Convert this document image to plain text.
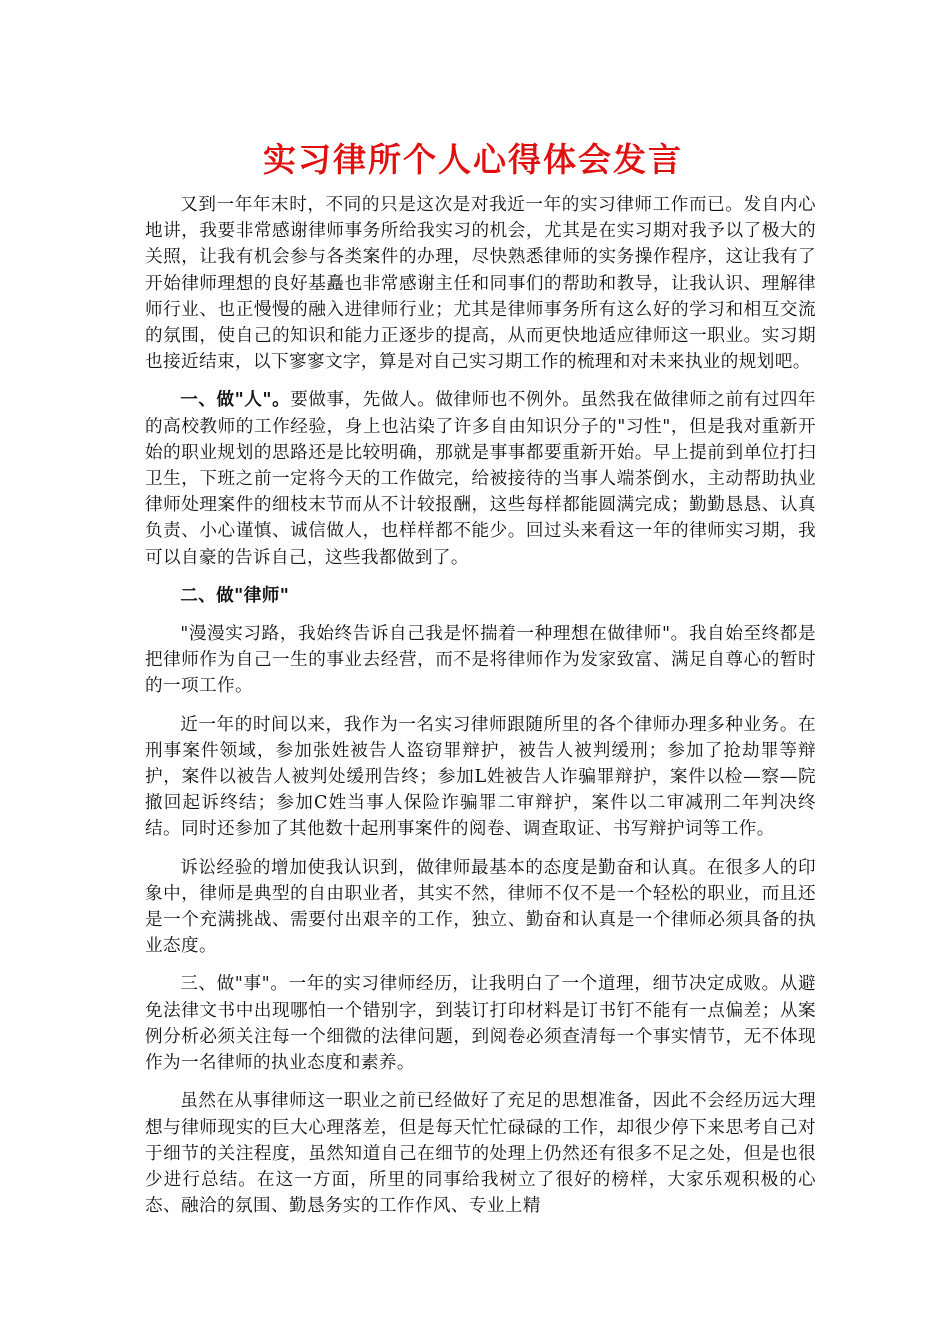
实习律所个人心得体会发言

又到一年年末时，不同的只是这次是对我近一年的实习律师工作而已。发自内心地讲，我要非常感谢律师事务所给我实习的机会，尤其是在实习期对我予以了极大的关照，让我有机会参与各类案件的办理，尽快熟悉律师的实务操作程序，这让我有了开始律师理想的良好基矗也非常感谢主任和同事们的帮助和教导，让我认识、理解律师行业、也正慢慢的融入进律师行业；尤其是律师事务所有这么好的学习和相互交流的氛围，使自己的知识和能力正逐步的提高，从而更快地适应律师这一职业。实习期也接近结束，以下寥寥文字，算是对自己实习期工作的梳理和对未来执业的规划吧。

一、做"人"。要做事，先做人。做律师也不例外。虽然我在做律师之前有过四年的高校教师的工作经验，身上也沾染了许多自由知识分子的"习性"，但是我对重新开始的职业规划的思路还是比较明确，那就是事事都要重新开始。早上提前到单位打扫卫生，下班之前一定将今天的工作做完，给被接待的当事人端茶倒水，主动帮助执业律师处理案件的细枝末节而从不计较报酬，这些每样都能圆满完成；勤勤恳恳、认真负责、小心谨慎、诚信做人，也样样都不能少。回过头来看这一年的律师实习期，我可以自豪的告诉自己，这些我都做到了。

二、做"律师"

"漫漫实习路，我始终告诉自己我是怀揣着一种理想在做律师"。我自始至终都是把律师作为自己一生的事业去经营，而不是将律师作为发家致富、满足自尊心的暂时的一项工作。

近一年的时间以来，我作为一名实习律师跟随所里的各个律师办理多种业务。在刑事案件领域，参加张姓被告人盗窃罪辩护，被告人被判缓刑；参加了抢劫罪等辩护，案件以被告人被判处缓刑告终；参加L姓被告人诈骗罪辩护，案件以检—察—院撤回起诉终结；参加C姓当事人保险诈骗罪二审辩护，案件以二审减刑二年判决终结。同时还参加了其他数十起刑事案件的阅卷、调查取证、书写辩护词等工作。

诉讼经验的增加使我认识到，做律师最基本的态度是勤奋和认真。在很多人的印象中，律师是典型的自由职业者，其实不然，律师不仅不是一个轻松的职业，而且还是一个充满挑战、需要付出艰辛的工作，独立、勤奋和认真是一个律师必须具备的执业态度。

三、做"事"。一年的实习律师经历，让我明白了一个道理，细节决定成败。从避免法律文书中出现哪怕一个错别字，到装订打印材料是订书钉不能有一点偏差；从案例分析必须关注每一个细微的法律问题，到阅卷必须查清每一个事实情节，无不体现作为一名律师的执业态度和素养。

虽然在从事律师这一职业之前已经做好了充足的思想准备，因此不会经历远大理想与律师现实的巨大心理落差，但是每天忙忙碌碌的工作，却很少停下来思考自己对于细节的关注程度，虽然知道自己在细节的处理上仍然还有很多不足之处，但是也很少进行总结。在这一方面，所里的同事给我树立了很好的榜样，大家乐观积极的心态、融洽的氛围、勤恳务实的工作作风、专业上精
